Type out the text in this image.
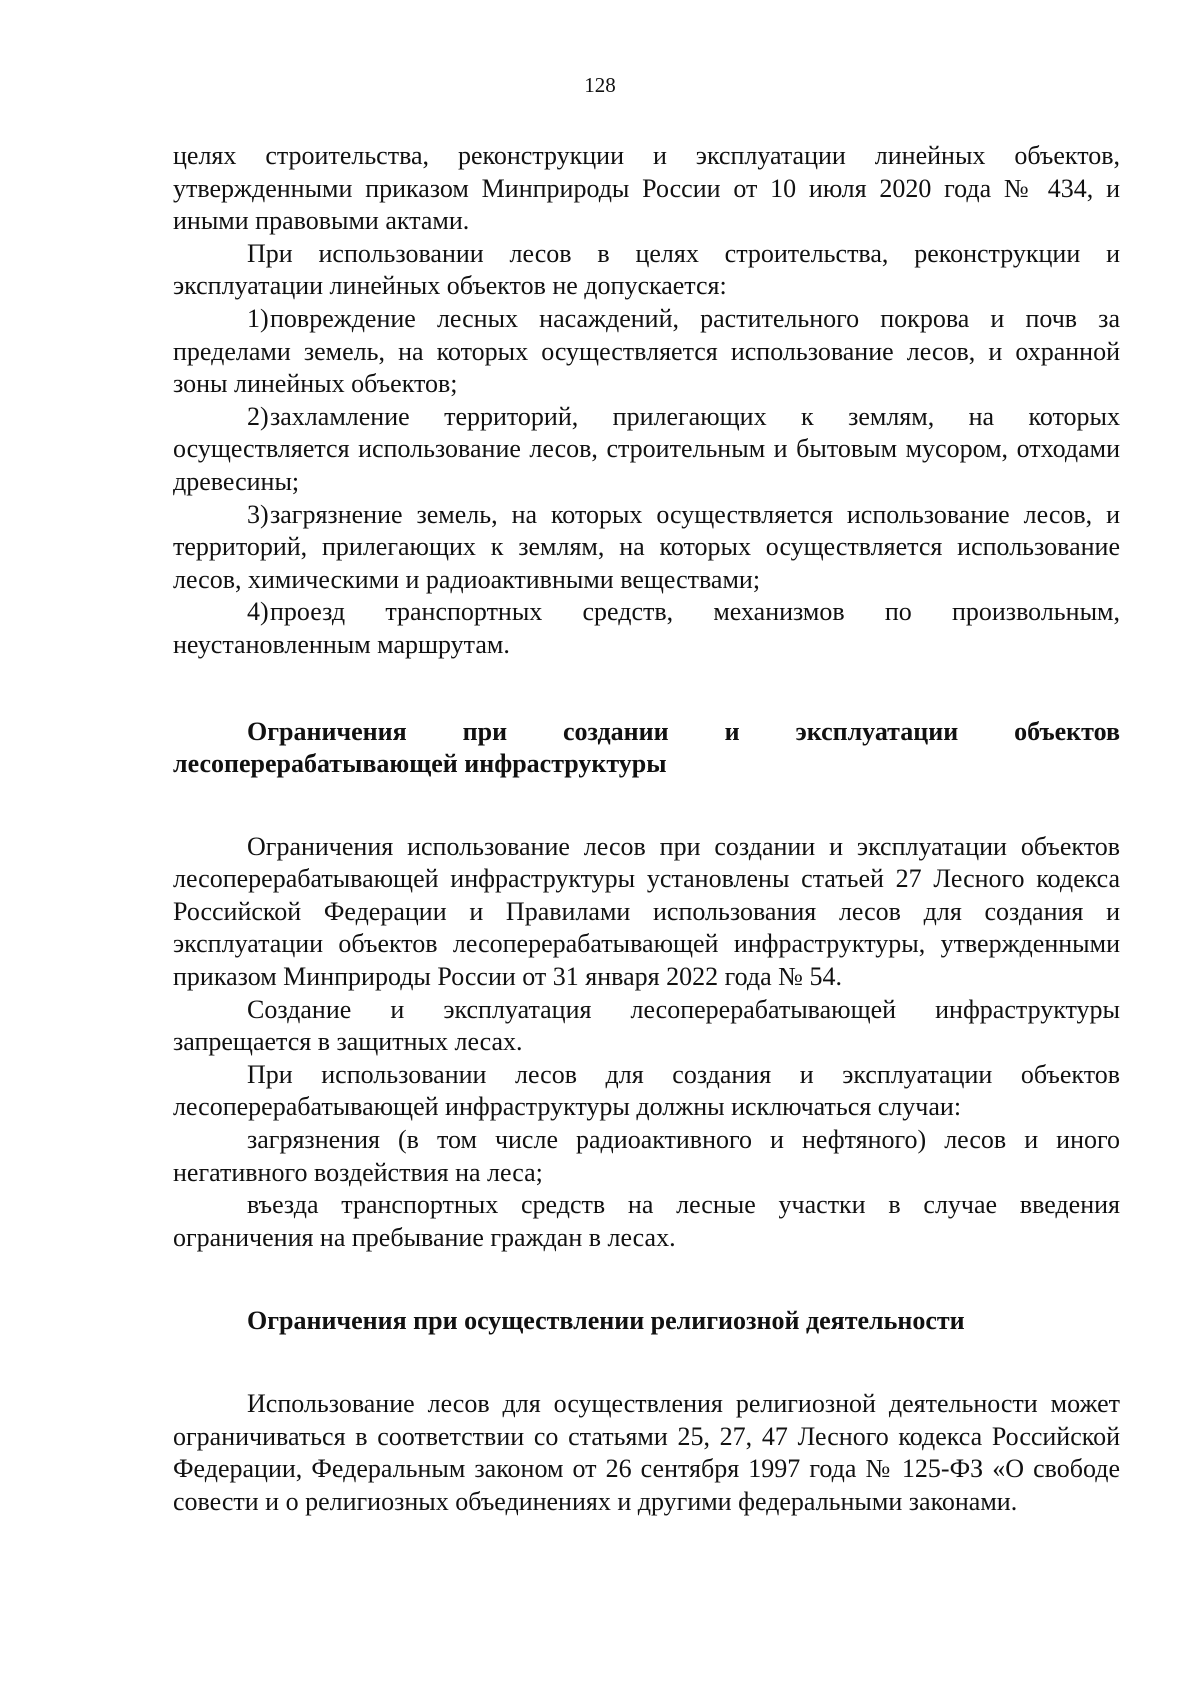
128

целях строительства, реконструкции и эксплуатации линейных объектов, утвержденными приказом Минприроды России от 10 июля 2020 года № 434, и иными правовыми актами.

При использовании лесов в целях строительства, реконструкции и эксплуатации линейных объектов не допускается:

1)повреждение лесных насаждений, растительного покрова и почв за пределами земель, на которых осуществляется использование лесов, и охранной зоны линейных объектов;

2)захламление территорий, прилегающих к землям, на которых осуществляется использование лесов, строительным и бытовым мусором, отходами древесины;

3)загрязнение земель, на которых осуществляется использование лесов, и территорий, прилегающих к землям, на которых осуществляется использование лесов, химическими и радиоактивными веществами;

4)проезд транспортных средств, механизмов по произвольным, неустановленным маршрутам.

Ограничения при создании и эксплуатации объектов лесоперерабатывающей инфраструктуры

Ограничения использование лесов при создании и эксплуатации объектов лесоперерабатывающей инфраструктуры установлены статьей 27 Лесного кодекса Российской Федерации и Правилами использования лесов для создания и эксплуатации объектов лесоперерабатывающей инфраструктуры, утвержденными приказом Минприроды России от 31 января 2022 года № 54.

Создание и эксплуатация лесоперерабатывающей инфраструктуры запрещается в защитных лесах.

При использовании лесов для создания и эксплуатации объектов лесоперерабатывающей инфраструктуры должны исключаться случаи:

загрязнения (в том числе радиоактивного и нефтяного) лесов и иного негативного воздействия на леса;

въезда транспортных средств на лесные участки в случае введения ограничения на пребывание граждан в лесах.

Ограничения при осуществлении религиозной деятельности

Использование лесов для осуществления религиозной деятельности может ограничиваться в соответствии со статьями 25, 27, 47 Лесного кодекса Российской Федерации, Федеральным законом от 26 сентября 1997 года № 125-ФЗ «О свободе совести и о религиозных объединениях и другими федеральными законами.
